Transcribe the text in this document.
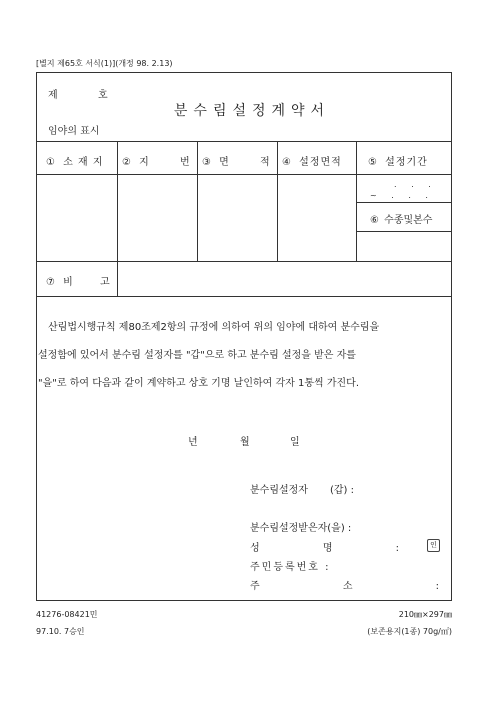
[별지 제65호 서식(1)](개정 98. 2.13)
제	호
분수림설정계약서
임야의 표시
① 소 재 지 ② 지 번	③ 면 적	④ 설정면적	⑤ 설정기간
. . .
~ . . .
⑥ 수종및본수
⑦ 비 고
산림법시행규칙 제80조제2항의 규정에 의하여 위의 임야에 대하여 분수림을
설정함에 있어서 분수림 설정자를 "갑"으로 하고 분수림 설정을 받은 자를
"을"로 하여 다음과 같이 계약하고 상호 기명 날인하여 각자 1통씩 가진다.
년	월	일
분수림설정자 (갑) :
분수림설정받은자(을) :
성 명 :	인
주민등록번호 :
주 소 :
41276-08421민
97.10. 7승인
210㎜×297㎜
(보존용지(1종) 70g/㎡)
